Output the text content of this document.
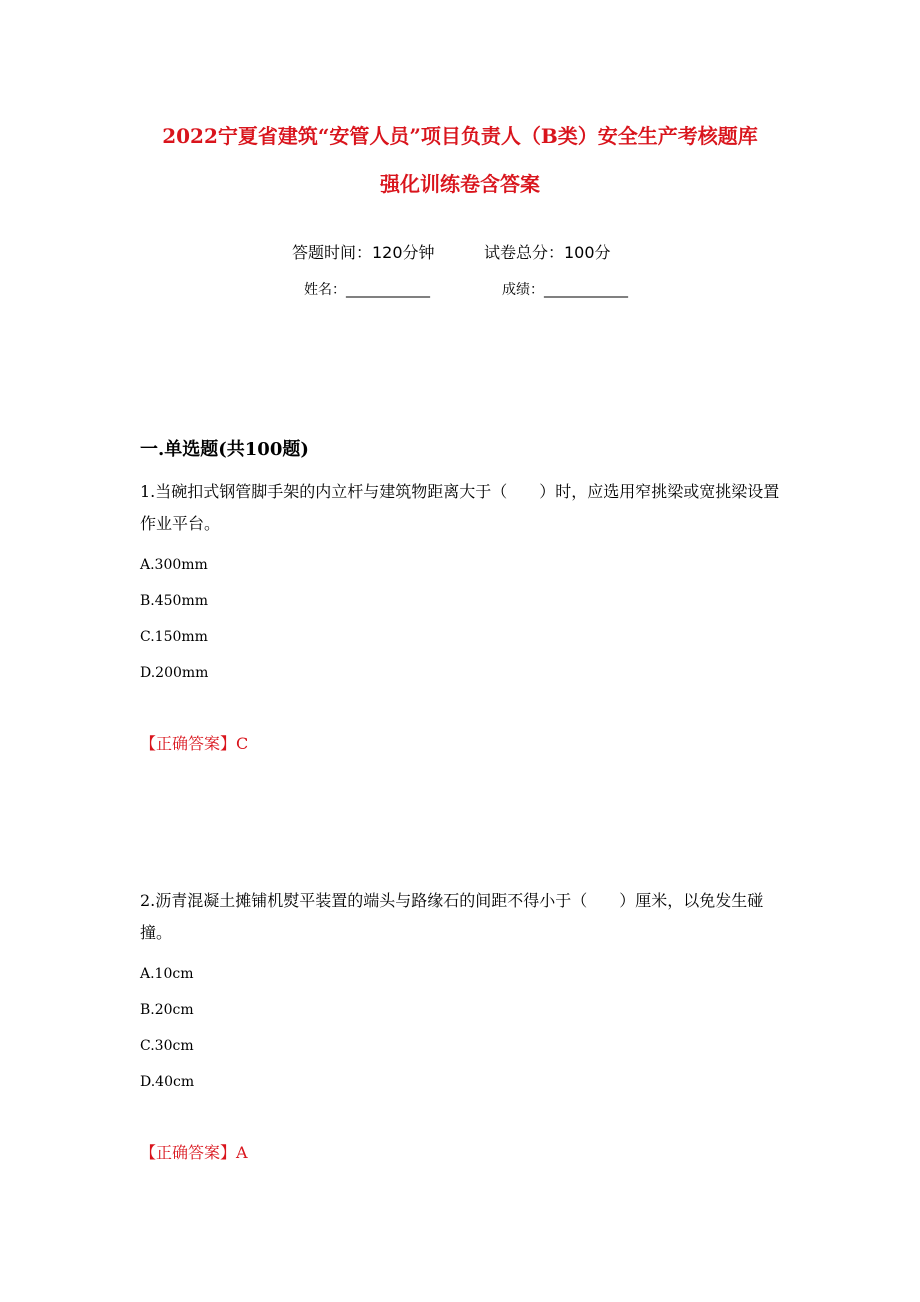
2022宁夏省建筑“安管人员”项目负责人（B类）安全生产考核题库
强化训练卷含答案
答题时间：120分钟	试卷总分：100分
姓名：____________	成绩：____________
一.单选题(共100题)
1.当碗扣式钢管脚手架的内立杆与建筑物距离大于（　　）时，应选用窄挑梁或宽挑梁设置作业平台。
A.300mm
B.450mm
C.150mm
D.200mm
【正确答案】C
2.沥青混凝土摊铺机熨平装置的端头与路缘石的间距不得小于（　　）厘米，以免发生碰撞。
A.10cm
B.20cm
C.30cm
D.40cm
【正确答案】A
